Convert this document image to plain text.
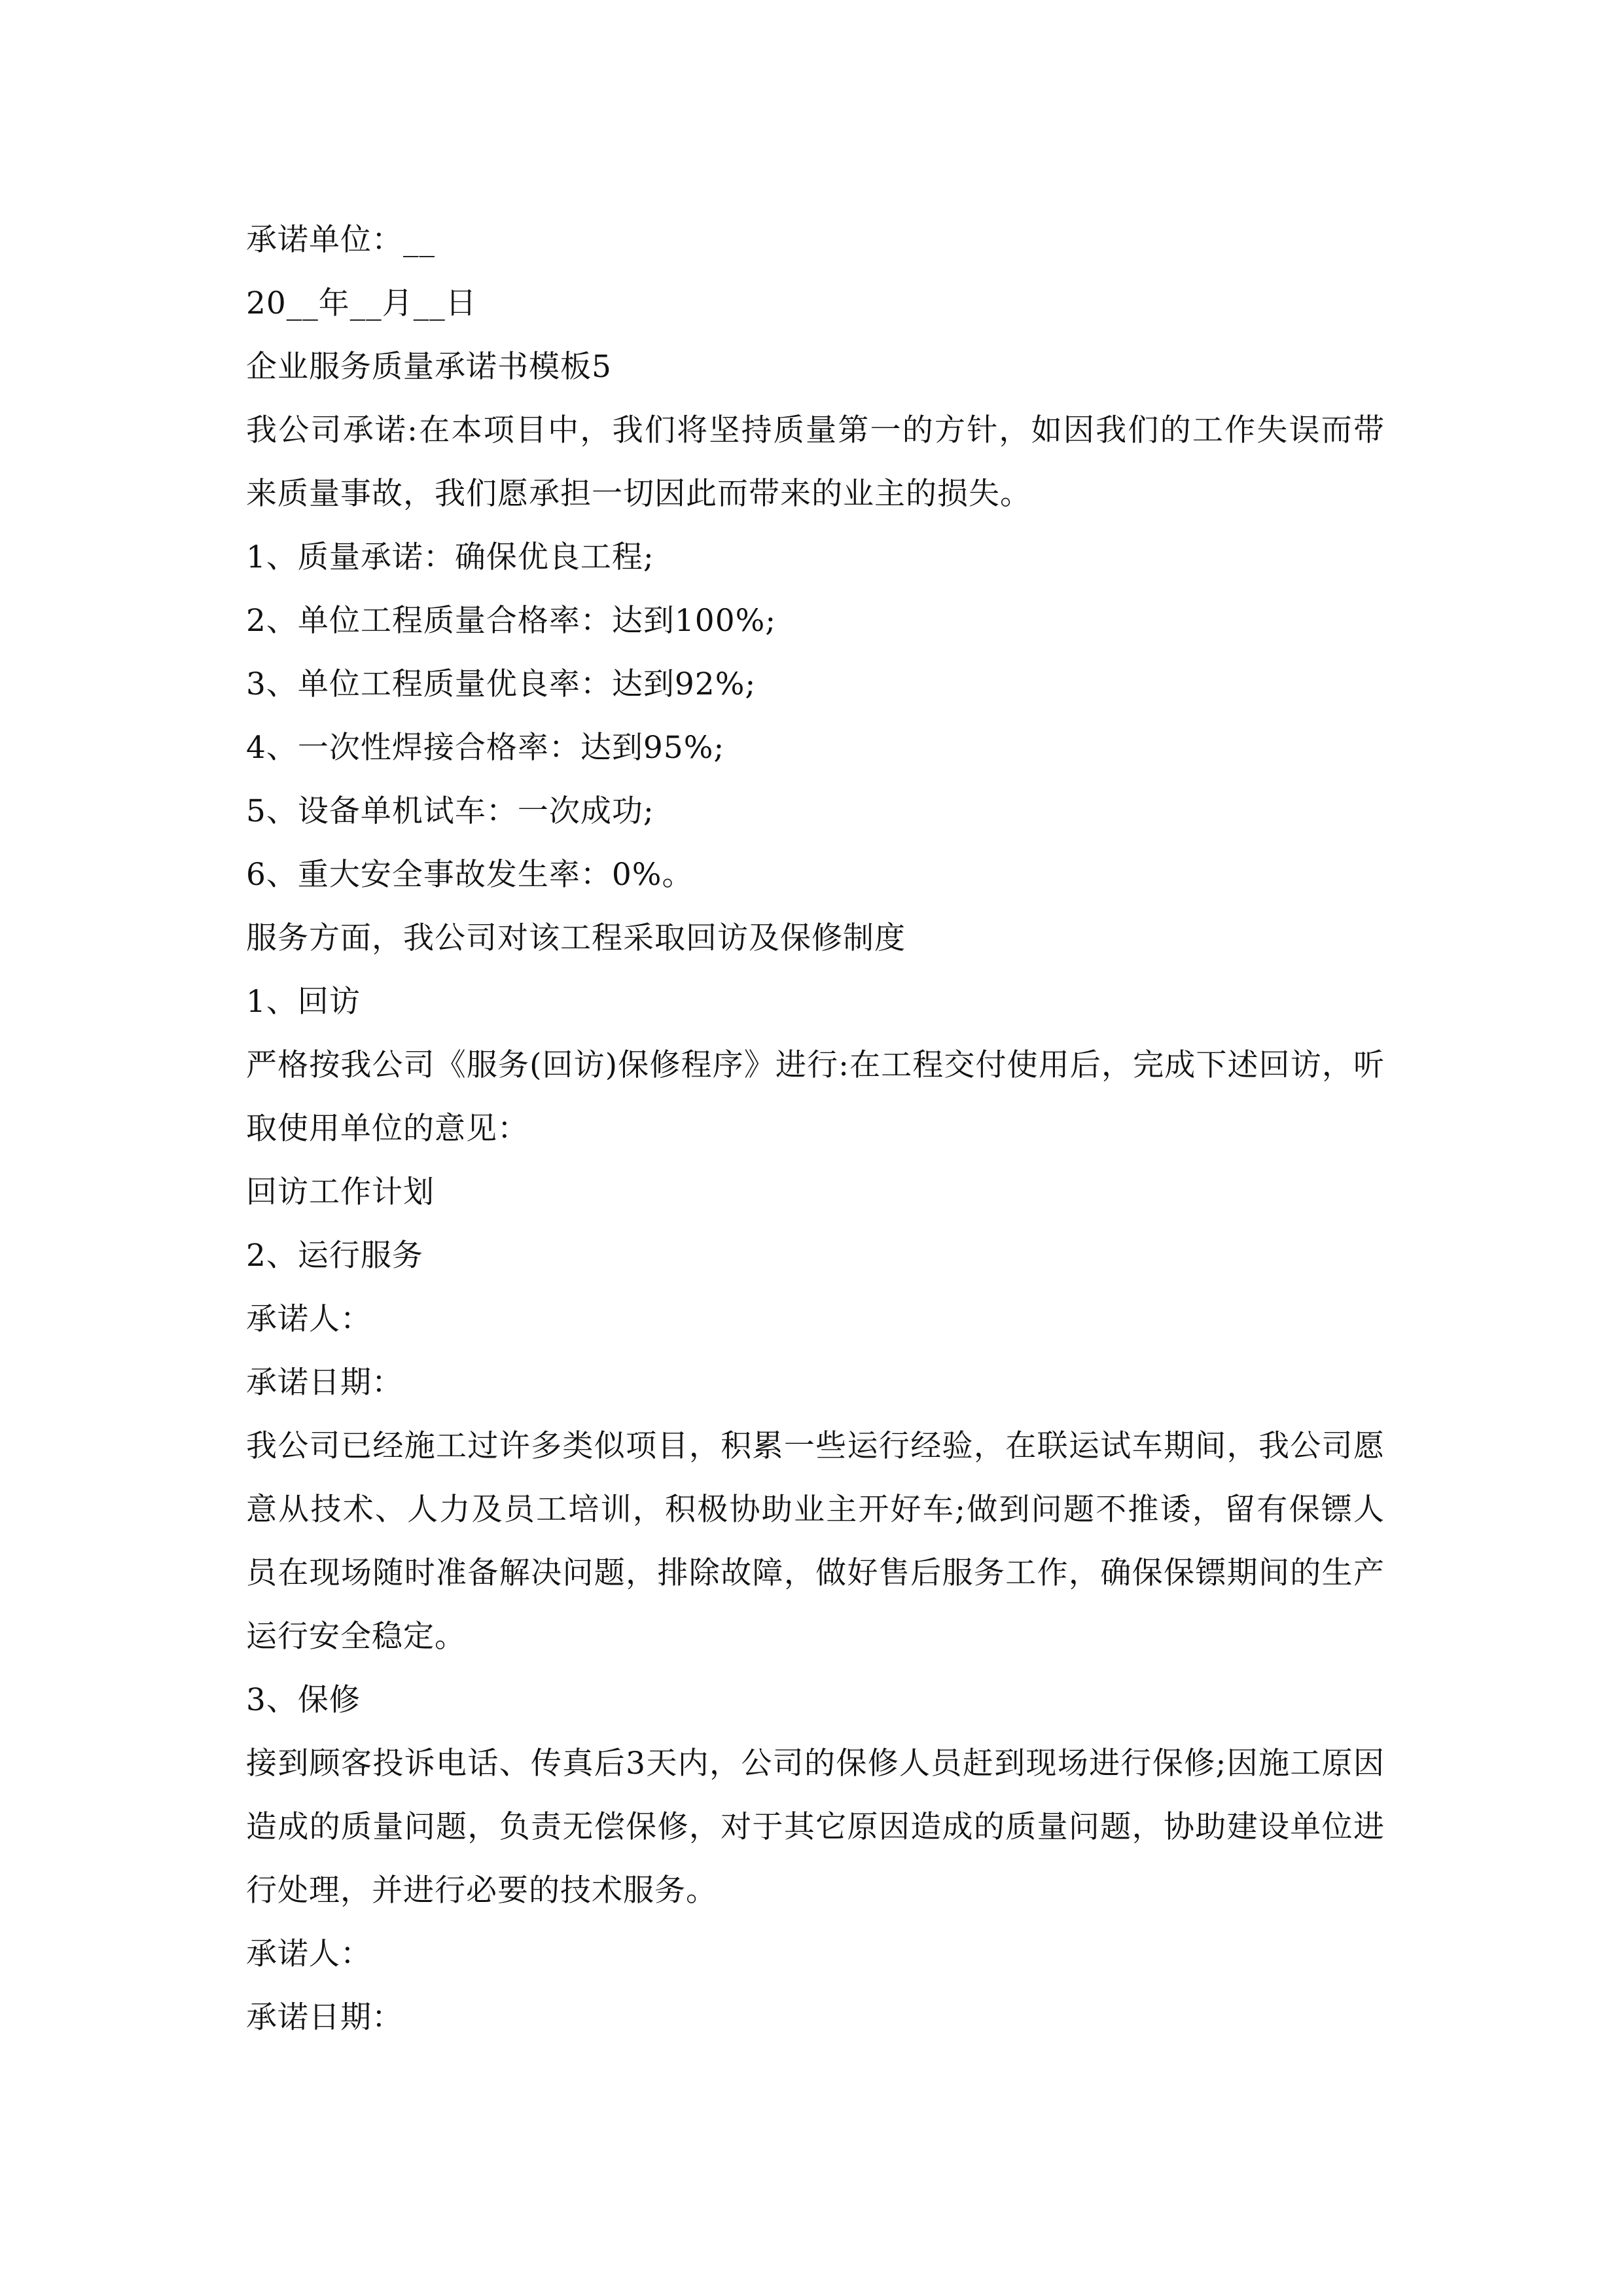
承诺单位：__

20__年__月__日

企业服务质量承诺书模板5

我公司承诺:在本项目中，我们将坚持质量第一的方针，如因我们的工作失误而带来质量事故，我们愿承担一切因此而带来的业主的损失。

1、质量承诺：确保优良工程;

2、单位工程质量合格率：达到100%;

3、单位工程质量优良率：达到92%;

4、一次性焊接合格率：达到95%;

5、设备单机试车：一次成功;

6、重大安全事故发生率：0%。

服务方面，我公司对该工程采取回访及保修制度

1、回访

严格按我公司《服务(回访)保修程序》进行:在工程交付使用后，完成下述回访，听取使用单位的意见：

回访工作计划

2、运行服务

承诺人：

承诺日期：

我公司已经施工过许多类似项目，积累一些运行经验，在联运试车期间，我公司愿意从技术、人力及员工培训，积极协助业主开好车;做到问题不推诿，留有保镖人员在现场随时准备解决问题，排除故障，做好售后服务工作，确保保镖期间的生产运行安全稳定。

3、保修

接到顾客投诉电话、传真后3天内，公司的保修人员赶到现场进行保修;因施工原因造成的质量问题，负责无偿保修，对于其它原因造成的质量问题，协助建设单位进行处理，并进行必要的技术服务。

承诺人：

承诺日期：
